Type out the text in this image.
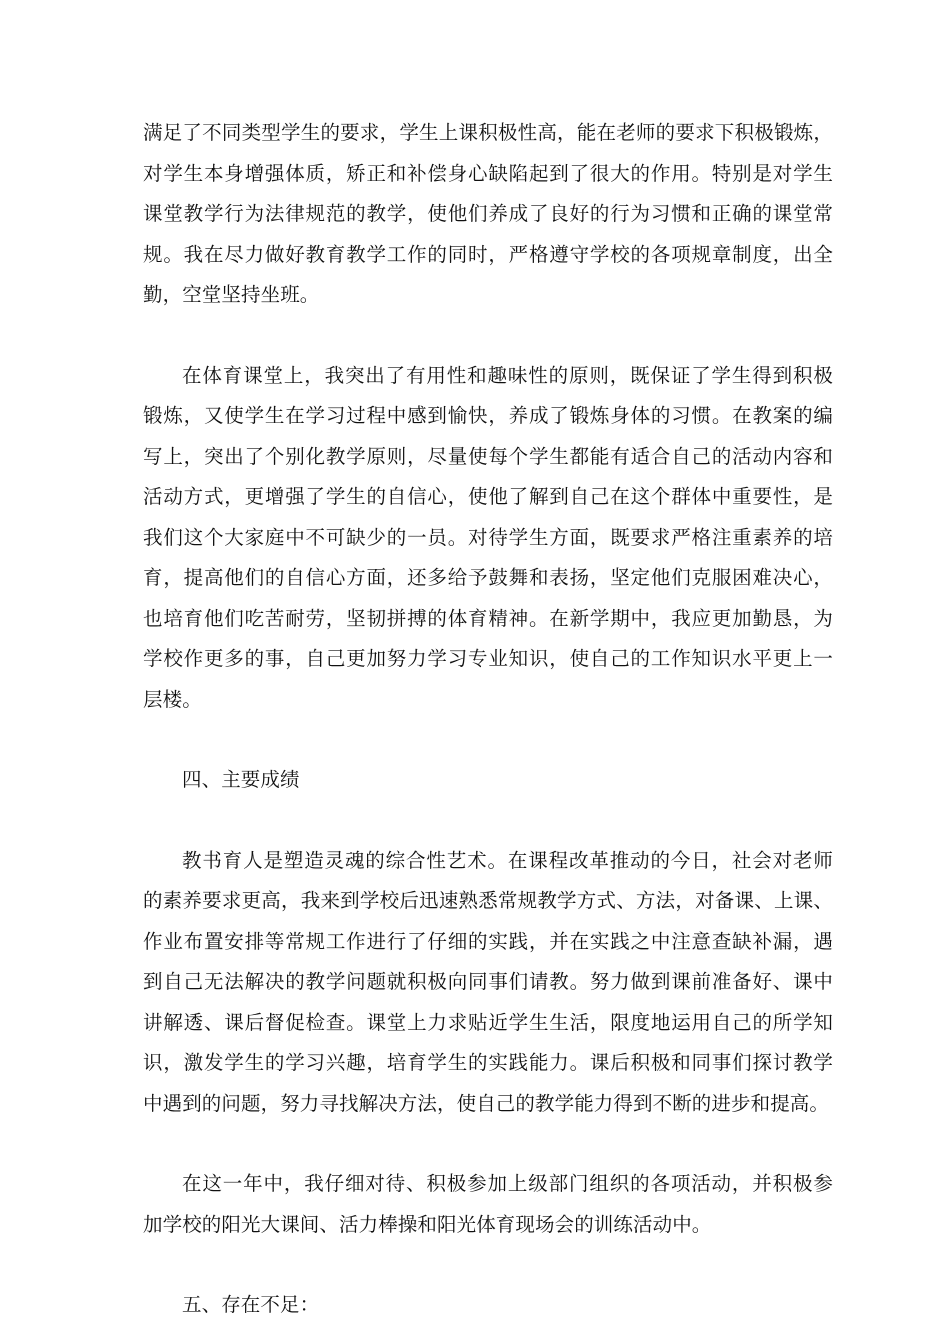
满足了不同类型学生的要求，学生上课积极性高，能在老师的要求下积极锻炼，
对学生本身增强体质，矫正和补偿身心缺陷起到了很大的作用。特别是对学生
课堂教学行为法律规范的教学，使他们养成了良好的行为习惯和正确的课堂常
规。我在尽力做好教育教学工作的同时，严格遵守学校的各项规章制度，出全
勤，空堂坚持坐班。
在体育课堂上，我突出了有用性和趣味性的原则，既保证了学生得到积极
锻炼，又使学生在学习过程中感到愉快，养成了锻炼身体的习惯。在教案的编
写上，突出了个别化教学原则，尽量使每个学生都能有适合自己的活动内容和
活动方式，更增强了学生的自信心，使他了解到自己在这个群体中重要性，是
我们这个大家庭中不可缺少的一员。对待学生方面，既要求严格注重素养的培
育，提高他们的自信心方面，还多给予鼓舞和表扬，坚定他们克服困难决心，
也培育他们吃苦耐劳，坚韧拼搏的体育精神。在新学期中，我应更加勤恳，为
学校作更多的事，自己更加努力学习专业知识，使自己的工作知识水平更上一
层楼。
四、主要成绩
教书育人是塑造灵魂的综合性艺术。在课程改革推动的今日，社会对老师
的素养要求更高，我来到学校后迅速熟悉常规教学方式、方法，对备课、上课、
作业布置安排等常规工作进行了仔细的实践，并在实践之中注意查缺补漏，遇
到自己无法解决的教学问题就积极向同事们请教。努力做到课前准备好、课中
讲解透、课后督促检查。课堂上力求贴近学生生活，限度地运用自己的所学知
识，激发学生的学习兴趣，培育学生的实践能力。课后积极和同事们探讨教学
中遇到的问题，努力寻找解决方法，使自己的教学能力得到不断的进步和提高。
在这一年中，我仔细对待、积极参加上级部门组织的各项活动，并积极参
加学校的阳光大课间、活力棒操和阳光体育现场会的训练活动中。
五、存在不足：
